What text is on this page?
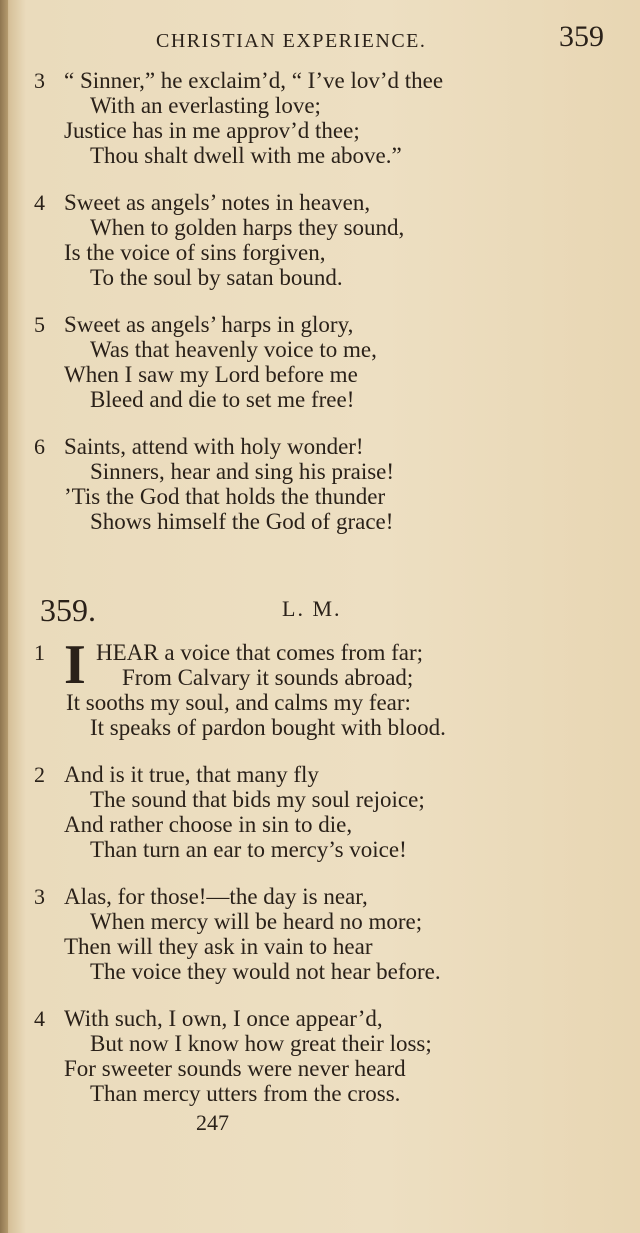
CHRISTIAN EXPERIENCE.	359
3 “ Sinner,” he exclaim’d, “ I’ve lov’d thee
With an everlasting love;
Justice has in me approv’d thee;
Thou shalt dwell with me above.”
4 Sweet as angels’ notes in heaven,
When to golden harps they sound,
Is the voice of sins forgiven,
To the soul by satan bound.
5 Sweet as angels’ harps in glory,
Was that heavenly voice to me,
When I saw my Lord before me
Bleed and die to set me free!
6 Saints, attend with holy wonder!
Sinners, hear and sing his praise!
’Tis the God that holds the thunder
Shows himself the God of grace!
359.	L. M.
1 I HEAR a voice that comes from far;
From Calvary it sounds abroad;
It sooths my soul, and calms my fear:
It speaks of pardon bought with blood.
2 And is it true, that many fly
The sound that bids my soul rejoice;
And rather choose in sin to die,
Than turn an ear to mercy’s voice!
3 Alas, for those!—the day is near,
When mercy will be heard no more;
Then will they ask in vain to hear
The voice they would not hear before.
4 With such, I own, I once appear’d,
But now I know how great their loss;
For sweeter sounds were never heard
Than mercy utters from the cross.
247
